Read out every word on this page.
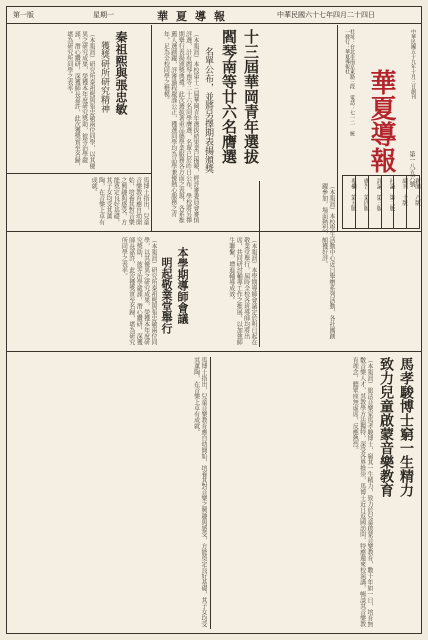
第一版	星期一	華夏導報	中華民國六十七年四月二十四日
華夏導報
中華民國五十九年十月三日創刊
社址：台北市南京東路三段 電話：七一二 統一發行：華夏導報社
第一八五六號
新聞：八版
副刊：十版
社論：第二版
評論：第三版
廣告：第四版
專欄：第五版
十三屆華岡青年選拔
閻琴南等廿六名膺選
名單公布，並將另擇期表揚頒獎
（本報訊）本校第十三屆華岡青年選拔結果業已揭曉，經評審委員會審慎評選，計有閻琴南等二十六名同學膺選，名單已於昨日公布，學校將另擇期舉行表揚頒獎典禮。此次選拔著重品德學業服務各方面之表現，各系推薦人選踴躍，評審過程嚴謹公正，獲選同學均為品學兼優熱心服務之青年，足為全校同學之楷模。
（本報訊）本校學生活動中心近日舉辦系列活動，各社團踴躍參加，場面熱烈，頗獲好評。
秦祖熙與張忠敏
獲獎研所研究精神
（本報訊）研究所秦祖熙與張忠敏兩位同學，以其優異之研究成果，榮獲本年度研究獎助，彼等治學嚴謹，潛心鑽研，深獲師長嘉許，此次獲獎實至名歸，堪為研究所同學之表率。
馬博士指出，兒童音樂教育應自幼開始，培養其對音樂之興趣與感受，方能奠定良好基礎，其子女均受其薰陶，在音樂上卓有成就。
本學期導師會議
明起敬業堂舉行	（本報訊）本學期導師會議定於明日起在敬業堂舉行，屆時全校各班導師均將出席，共同研討輔導工作之推展，以加強師生聯繫，增進輔導成效。
（本報訊）研究所秦祖熙與張忠敏兩位同學，以其優異之研究成果，榮獲本年度研究獎助，彼等治學嚴謹，潛心鑽研，深獲師長嘉許，此次獲獎實至名歸，堪為研究所同學之表率。
馬孝駿博士窮一生精力
致力兒童啟蒙音樂教育
（本報訊）旅法音樂家馬孝駿博士，窮其一生精力，致力於兒童啟蒙音樂教育，數十年如一日，培育無數音樂人才，其教學方法獨特，深受各界推崇，馬博士近日返國訪問，特應邀來校演講，暢談其音樂教育理念，聽眾座無虛席，反應熱烈。
馬博士指出，兒童音樂教育應自幼開始，培養其對音樂之興趣與感受，方能奠定良好基礎，其子女均受其薰陶，在音樂上卓有成就。
